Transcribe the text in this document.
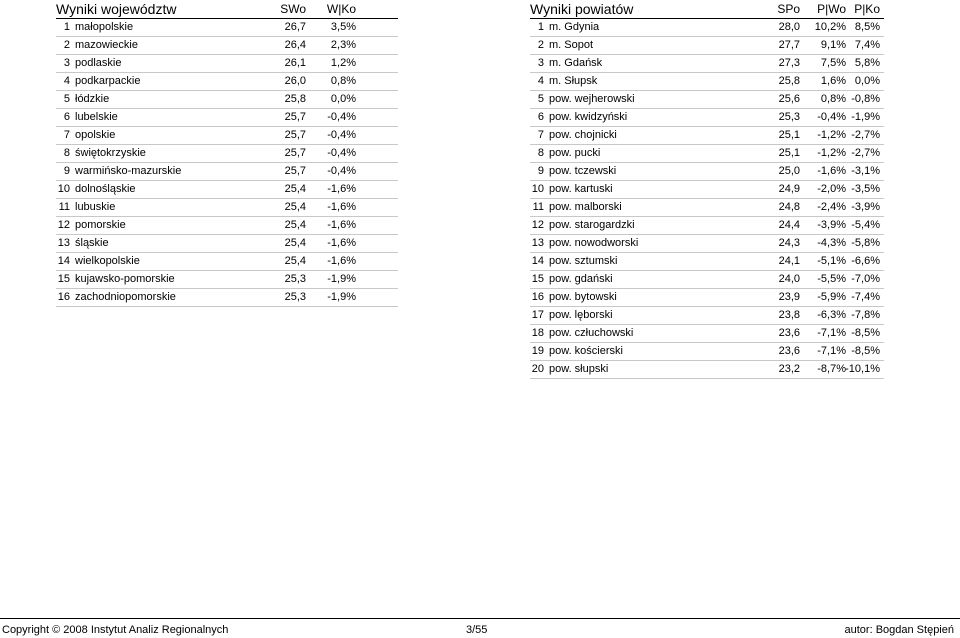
Wyniki województw	SWo	W|Ko
1 małopolskie	26,7	3,5%
2 mazowieckie	26,4	2,3%
3 podlaskie	26,1	1,2%
4 podkarpackie	26,0	0,8%
5 łódzkie	25,8	0,0%
6 lubelskie	25,7	-0,4%
7 opolskie	25,7	-0,4%
8 świętokrzyskie	25,7	-0,4%
9 warmińsko-mazurskie	25,7	-0,4%
10 dolnośląskie	25,4	-1,6%
11 lubuskie	25,4	-1,6%
12 pomorskie	25,4	-1,6%
13 śląskie	25,4	-1,6%
14 wielkopolskie	25,4	-1,6%
15 kujawsko-pomorskie	25,3	-1,9%
16 zachodniopomorskie	25,3	-1,9%
Wyniki powiatów	SPo	P|Wo P|Ko
1 m. Gdynia	28,0	10,2% 8,5%
2 m. Sopot	27,7	9,1% 7,4%
3 m. Gdańsk	27,3	7,5% 5,8%
4 m. Słupsk	25,8	1,6% 0,0%
5 pow. wejherowski	25,6	0,8% -0,8%
6 pow. kwidzyński	25,3	-0,4% -1,9%
7 pow. chojnicki	25,1	-1,2% -2,7%
8 pow. pucki	25,1	-1,2% -2,7%
9 pow. tczewski	25,0	-1,6% -3,1%
10 pow. kartuski	24,9	-2,0% -3,5%
11 pow. malborski	24,8	-2,4% -3,9%
12 pow. starogardzki	24,4	-3,9% -5,4%
13 pow. nowodworski	24,3	-4,3% -5,8%
14 pow. sztumski	24,1	-5,1% -6,6%
15 pow. gdański	24,0	-5,5% -7,0%
16 pow. bytowski	23,9	-5,9% -7,4%
17 pow. lęborski	23,8	-6,3% -7,8%
18 pow. człuchowski	23,6	-7,1% -8,5%
19 pow. kościerski	23,6	-7,1% -8,5%
20 pow. słupski	23,2	-8,7% -10,1%
Copyright © 2008 Instytut Analiz Regionalnych	3/55	autor: Bogdan Stępień
